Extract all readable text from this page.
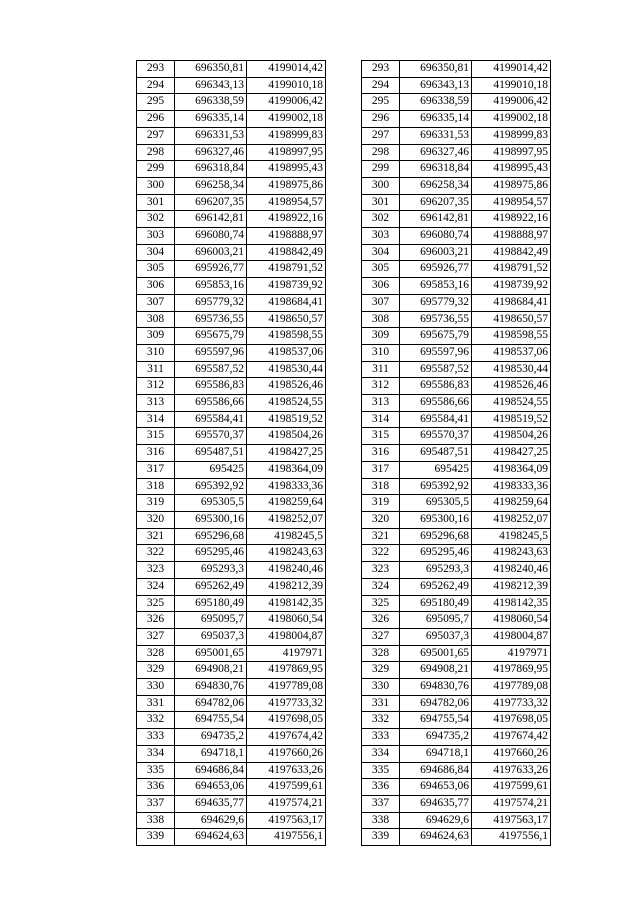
293	696350,81	4199014,42
294	696343,13	4199010,18
295	696338,59	4199006,42
296	696335,14	4199002,18
297	696331,53	4198999,83
298	696327,46	4198997,95
299	696318,84	4198995,43
300	696258,34	4198975,86
301	696207,35	4198954,57
302	696142,81	4198922,16
303	696080,74	4198888,97
304	696003,21	4198842,49
305	695926,77	4198791,52
306	695853,16	4198739,92
307	695779,32	4198684,41
308	695736,55	4198650,57
309	695675,79	4198598,55
310	695597,96	4198537,06
311	695587,52	4198530,44
312	695586,83	4198526,46
313	695586,66	4198524,55
314	695584,41	4198519,52
315	695570,37	4198504,26
316	695487,51	4198427,25
317	695425	4198364,09
318	695392,92	4198333,36
319	695305,5	4198259,64
320	695300,16	4198252,07
321	695296,68	4198245,5
322	695295,46	4198243,63
323	695293,3	4198240,46
324	695262,49	4198212,39
325	695180,49	4198142,35
326	695095,7	4198060,54
327	695037,3	4198004,87
328	695001,65	4197971
329	694908,21	4197869,95
330	694830,76	4197789,08
331	694782,06	4197733,32
332	694755,54	4197698,05
333	694735,2	4197674,42
334	694718,1	4197660,26
335	694686,84	4197633,26
336	694653,06	4197599,61
337	694635,77	4197574,21
338	694629,6	4197563,17
339	694624,63	4197556,1
293	696350,81	4199014,42
294	696343,13	4199010,18
295	696338,59	4199006,42
296	696335,14	4199002,18
297	696331,53	4198999,83
298	696327,46	4198997,95
299	696318,84	4198995,43
300	696258,34	4198975,86
301	696207,35	4198954,57
302	696142,81	4198922,16
303	696080,74	4198888,97
304	696003,21	4198842,49
305	695926,77	4198791,52
306	695853,16	4198739,92
307	695779,32	4198684,41
308	695736,55	4198650,57
309	695675,79	4198598,55
310	695597,96	4198537,06
311	695587,52	4198530,44
312	695586,83	4198526,46
313	695586,66	4198524,55
314	695584,41	4198519,52
315	695570,37	4198504,26
316	695487,51	4198427,25
317	695425	4198364,09
318	695392,92	4198333,36
319	695305,5	4198259,64
320	695300,16	4198252,07
321	695296,68	4198245,5
322	695295,46	4198243,63
323	695293,3	4198240,46
324	695262,49	4198212,39
325	695180,49	4198142,35
326	695095,7	4198060,54
327	695037,3	4198004,87
328	695001,65	4197971
329	694908,21	4197869,95
330	694830,76	4197789,08
331	694782,06	4197733,32
332	694755,54	4197698,05
333	694735,2	4197674,42
334	694718,1	4197660,26
335	694686,84	4197633,26
336	694653,06	4197599,61
337	694635,77	4197574,21
338	694629,6	4197563,17
339	694624,63	4197556,1
